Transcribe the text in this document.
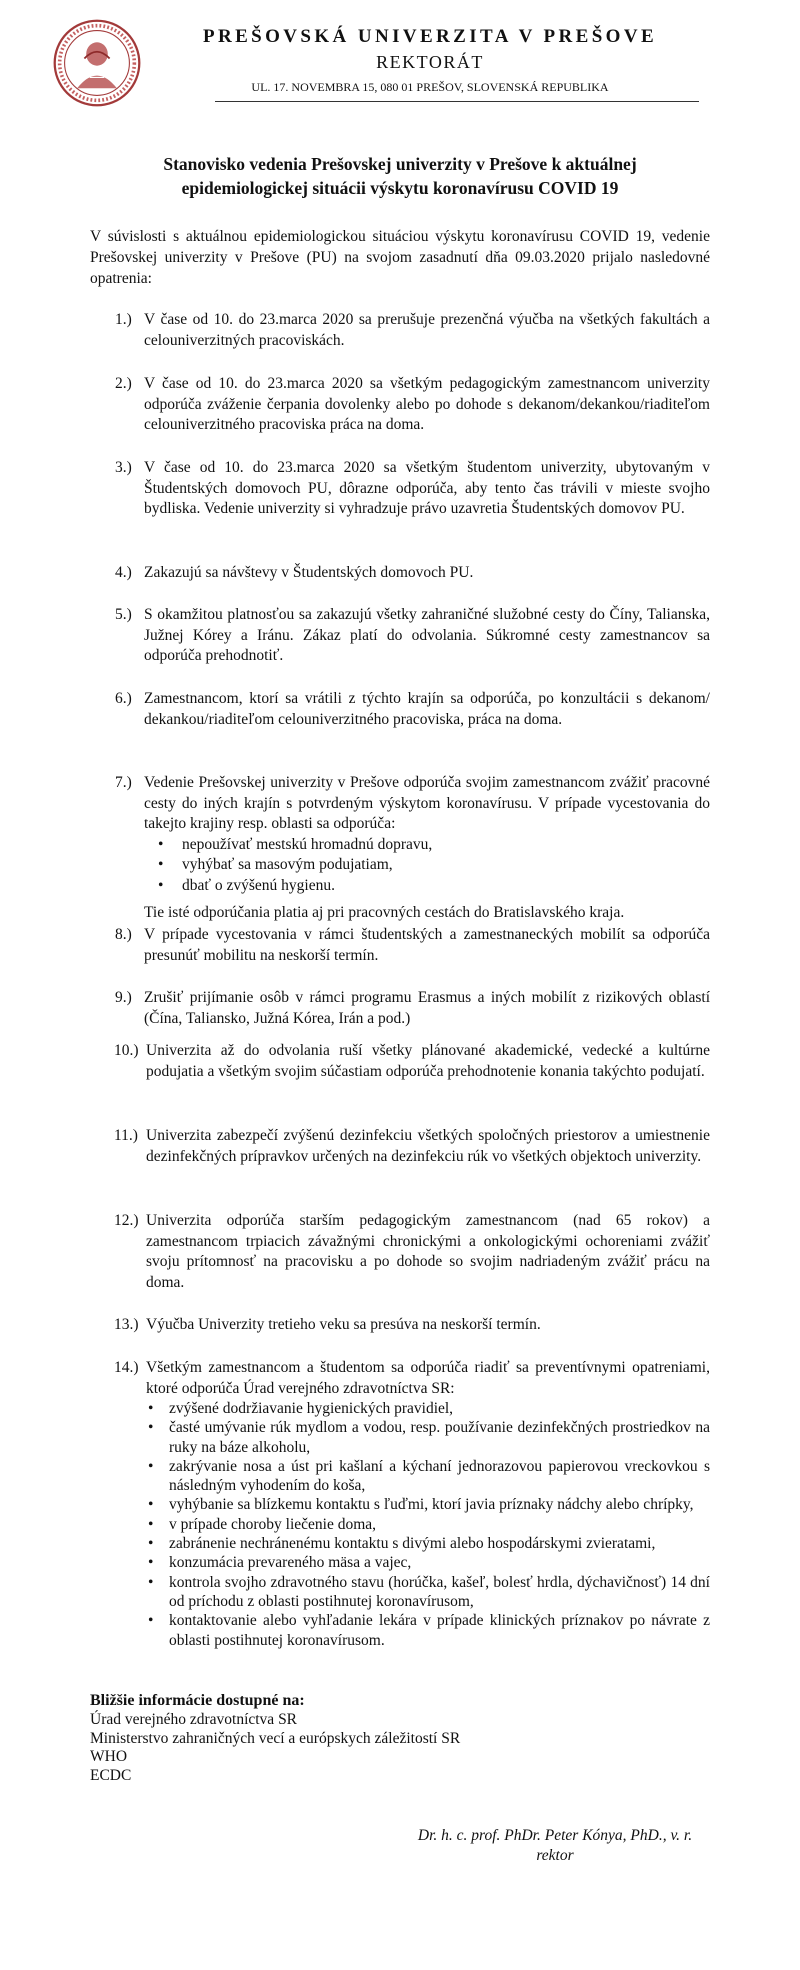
PREŠOVSKÁ UNIVERZITA V PREŠOVE
REKTORÁT
UL. 17. NOVEMBRA 15, 080 01 PREŠOV, SLOVENSKÁ REPUBLIKA
Stanovisko vedenia Prešovskej univerzity v Prešove k aktuálnej
epidemiologickej situácii výskytu koronavírusu COVID 19
V súvislosti s aktuálnou epidemiologickou situáciou výskytu koronavírusu COVID 19, vedenie Prešovskej univerzity v Prešove (PU) na svojom zasadnutí dňa 09.03.2020 prijalo nasledovné opatrenia:
1.) V čase od 10. do 23.marca 2020 sa prerušuje prezenčná výučba na všetkých fakultách a celouniverzitných pracoviskách.
2.) V čase od 10. do 23.marca 2020 sa všetkým pedagogickým zamestnancom univerzity odporúča zváženie čerpania dovolenky alebo po dohode s dekanom/dekankou/riaditeľom celouniverzitného pracoviska práca na doma.
3.) V čase od 10. do 23.marca 2020 sa všetkým študentom univerzity, ubytovaným v Študentských domovoch PU, dôrazne odporúča, aby tento čas trávili v mieste svojho bydliska. Vedenie univerzity si vyhradzuje právo uzavretia Študentských domovov PU.
4.) Zakazujú sa návštevy v Študentských domovoch PU.
5.) S okamžitou platnosťou sa zakazujú všetky zahraničné služobné cesty do Číny, Talianska, Južnej Kórey a Iránu. Zákaz platí do odvolania. Súkromné cesty zamestnancov sa odporúča prehodnotiť.
6.) Zamestnancom, ktorí sa vrátili z týchto krajín sa odporúča, po konzultácii s dekanom/ dekankou/riaditeľom celouniverzitného pracoviska, práca na doma.
7.) Vedenie Prešovskej univerzity v Prešove odporúča svojim zamestnancom zvážiť pracovné cesty do iných krajín s potvrdeným výskytom koronavírusu. V prípade vycestovania do takejto krajiny resp. oblasti sa odporúča:
• nepoužívať mestskú hromadnú dopravu,
• vyhýbať sa masovým podujatiam,
• dbať o zvýšenú hygienu.
Tie isté odporúčania platia aj pri pracovných cestách do Bratislavského kraja.
8.) V prípade vycestovania v rámci študentských a zamestnaneckých mobilít sa odporúča presunúť mobilitu na neskorší termín.
9.) Zrušiť prijímanie osôb v rámci programu Erasmus a iných mobilít z rizikových oblastí (Čína, Taliansko, Južná Kórea, Irán a pod.)
10.) Univerzita až do odvolania ruší všetky plánované akademické, vedecké a kultúrne podujatia a všetkým svojim súčastiam odporúča prehodnotenie konania takýchto podujatí.
11.) Univerzita zabezpečí zvýšenú dezinfekciu všetkých spoločných priestorov a umiestnenie dezinfekčných prípravkov určených na dezinfekciu rúk vo všetkých objektoch univerzity.
12.) Univerzita odporúča starším pedagogickým zamestnancom (nad 65 rokov) a zamestnancom trpiacich závažnými chronickými a onkologickými ochoreniami zvážiť svoju prítomnosť na pracovisku a po dohode so svojim nadriadeným zvážiť prácu na doma.
13.) Výučba Univerzity tretieho veku sa presúva na neskorší termín.
14.) Všetkým zamestnancom a študentom sa odporúča riadiť sa preventívnymi opatreniami, ktoré odporúča Úrad verejného zdravotníctva SR:
• zvýšené dodržiavanie hygienických pravidiel,
• časté umývanie rúk mydlom a vodou, resp. používanie dezinfekčných prostriedkov na ruky na báze alkoholu,
• zakrývanie nosa a úst pri kašlaní a kýchaní jednorazovou papierovou vreckovkou s následným vyhodením do koša,
• vyhýbanie sa blízkemu kontaktu s ľuďmi, ktorí javia príznaky nádchy alebo chrípky,
• v prípade choroby liečenie doma,
• zabránenie nechránenému kontaktu s divými alebo hospodárskymi zvieratami,
• konzumácia prevareného mäsa a vajec,
• kontrola svojho zdravotného stavu (horúčka, kašeľ, bolesť hrdla, dýchavičnosť) 14 dní od príchodu z oblasti postihnutej koronavírusom,
• kontaktovanie alebo vyhľadanie lekára v prípade klinických príznakov po návrate z oblasti postihnutej koronavírusom.
Bližšie informácie dostupné na:
Úrad verejného zdravotníctva SR
Ministerstvo zahraničných vecí a európskych záležitostí SR
WHO
ECDC
Dr. h. c. prof. PhDr. Peter Kónya, PhD., v. r.
rektor
